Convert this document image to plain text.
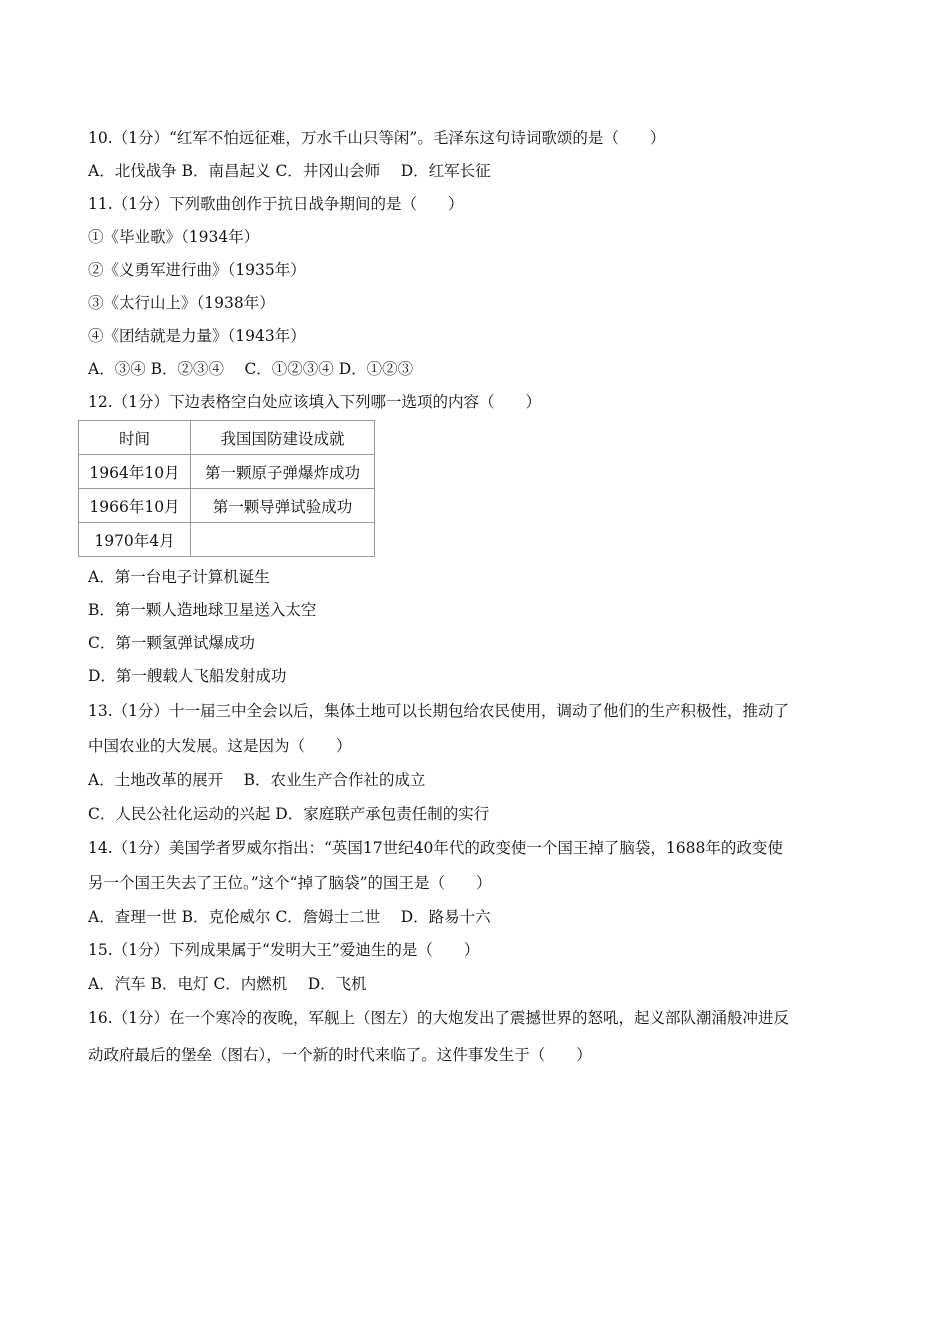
10.（1分）“红军不怕远征难，万水千山只等闲”。毛泽东这句诗词歌颂的是（　　）
A．北伐战争 B．南昌起义 C．井冈山会师　 D．红军长征
11.（1分）下列歌曲创作于抗日战争期间的是（　　）
①《毕业歌》（1934年）
②《义勇军进行曲》（1935年）
③《太行山上》（1938年）
④《团结就是力量》（1943年）
A．③④ B．②③④　 C．①②③④ D．①②③
12.（1分）下边表格空白处应该填入下列哪一选项的内容（　　）
时间	我国国防建设成就
1964年10月	第一颗原子弹爆炸成功
1966年10月	第一颗导弹试验成功
1970年4月	
A．第一台电子计算机诞生
B．第一颗人造地球卫星送入太空
C．第一颗氢弹试爆成功
D．第一艘载人飞船发射成功
13.（1分）十一届三中全会以后，集体土地可以长期包给农民使用，调动了他们的生产积极性，推动了
中国农业的大发展。这是因为（　　）
A．土地改革的展开　 B．农业生产合作社的成立
C．人民公社化运动的兴起 D．家庭联产承包责任制的实行
14.（1分）美国学者罗威尔指出：“英国17世纪40年代的政变使一个国王掉了脑袋，1688年的政变使
另一个国王失去了王位。”这个“掉了脑袋”的国王是（　　）
A．查理一世 B．克伦威尔 C．詹姆士二世　 D．路易十六
15.（1分）下列成果属于“发明大王”爱迪生的是（　　）
A．汽车 B．电灯 C．内燃机　 D．飞机
16.（1分）在一个寒冷的夜晚，军舰上（图左）的大炮发出了震撼世界的怒吼，起义部队潮涌般冲进反
动政府最后的堡垒（图右），一个新的时代来临了。这件事发生于（　　）
